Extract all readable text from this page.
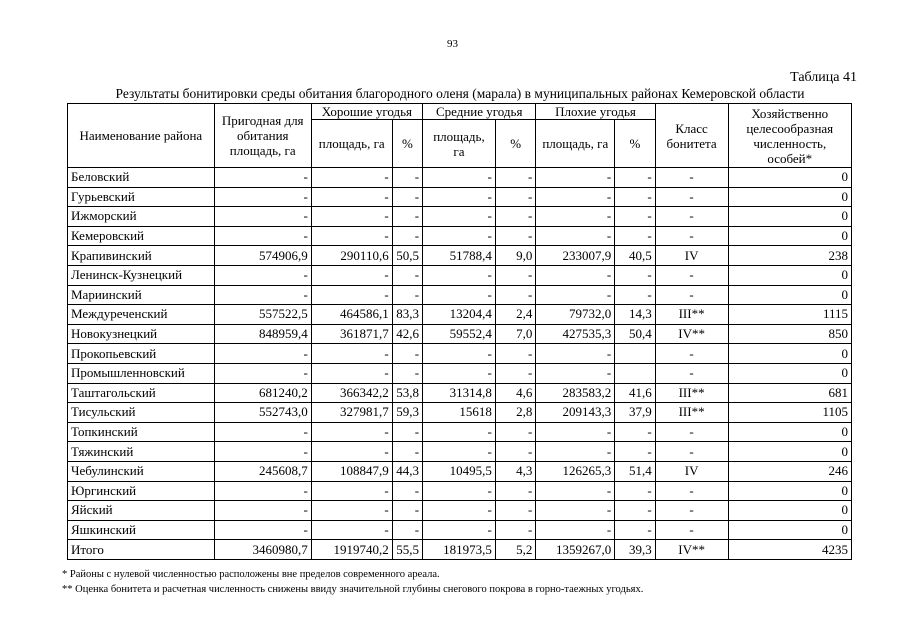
93
Таблица 41
Результаты бонитировки среды обитания благородного оленя (марала) в муниципальных районах Кемеровской области
Наименование района	Пригодная для обитания площадь, га	Хорошие угодья		Средние угодья		Плохие угодья		Класс бонитета	Хозяйственно целесообразная численность, особей*
		площадь, га	%	площадь, га	%	площадь, га	%		
Беловский	-	-	-	-	-	-	-	-	0
Гурьевский	-	-	-	-	-	-	-	-	0
Ижморский	-	-	-	-	-	-	-	-	0
Кемеровский	-	-	-	-	-	-	-	-	0
Крапивинский	574906,9	290110,6	50,5	51788,4	9,0	233007,9	40,5	IV	238
Ленинск-Кузнецкий	-	-	-	-	-	-	-	-	0
Мариинский	-	-	-	-	-	-	-	-	0
Междуреченский	557522,5	464586,1	83,3	13204,4	2,4	79732,0	14,3	III**	1115
Новокузнецкий	848959,4	361871,7	42,6	59552,4	7,0	427535,3	50,4	IV**	850
Прокопьевский	-	-	-	-	-	-		-	0
Промышленновский	-	-	-	-	-	-		-	0
Таштагольский	681240,2	366342,2	53,8	31314,8	4,6	283583,2	41,6	III**	681
Тисульский	552743,0	327981,7	59,3	15618	2,8	209143,3	37,9	III**	1105
Топкинский	-	-	-	-	-	-	-	-	0
Тяжинский	-	-	-	-	-	-	-	-	0
Чебулинский	245608,7	108847,9	44,3	10495,5	4,3	126265,3	51,4	IV	246
Юргинский	-	-	-	-	-	-	-	-	0
Яйский	-	-	-	-	-	-	-	-	0
Яшкинский	-	-	-	-	-	-	-	-	0
Итого	3460980,7	1919740,2	55,5	181973,5	5,2	1359267,0	39,3	IV**	4235
* Районы с нулевой численностью расположены вне пределов современного ареала.
** Оценка бонитета и расчетная численность снижены ввиду значительной глубины снегового покрова в горно-таежных угодьях.
